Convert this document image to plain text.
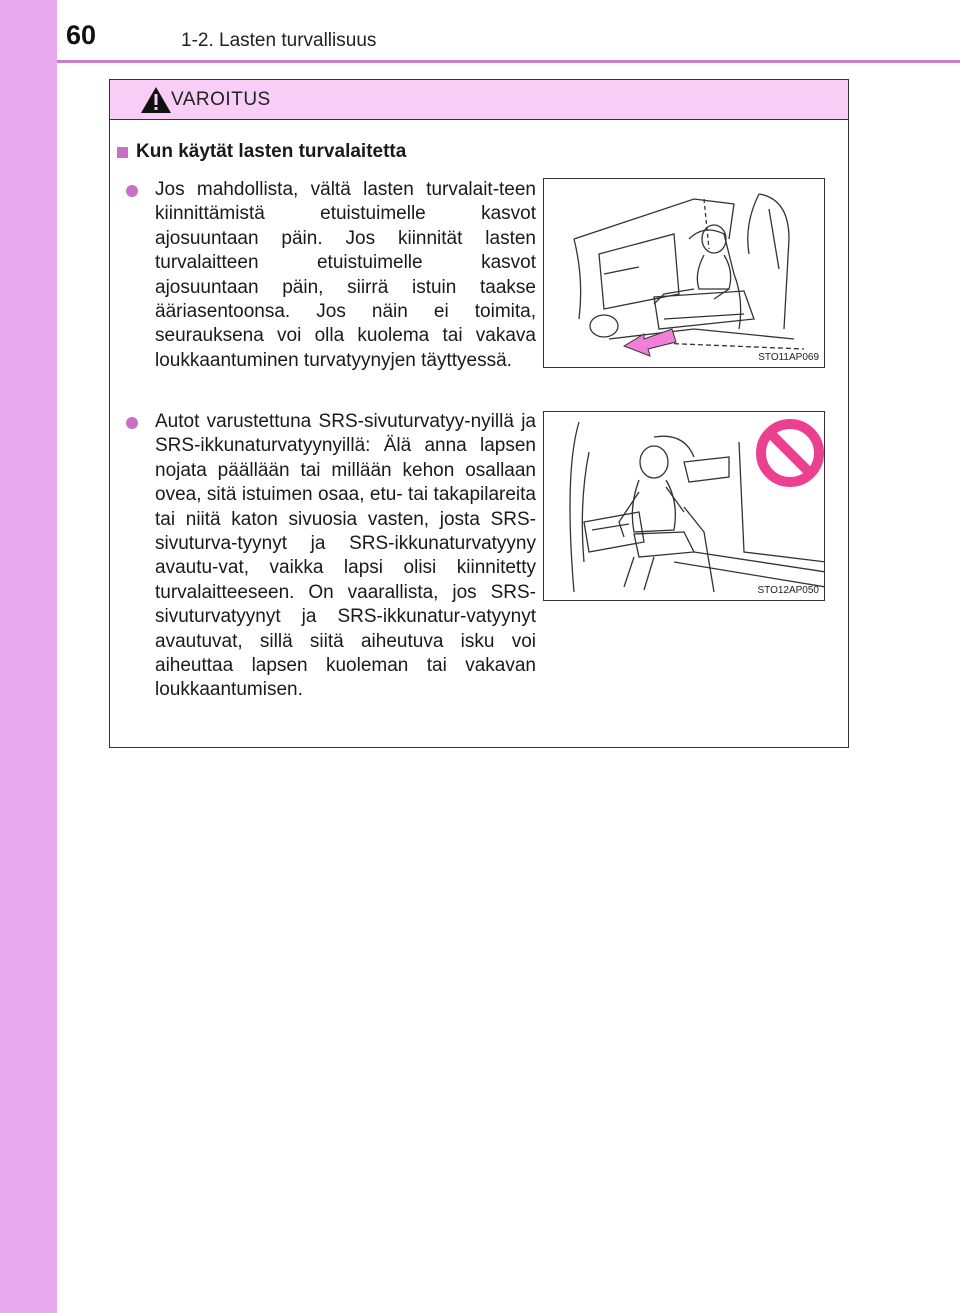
60	1-2. Lasten turvallisuus
VAROITUS
Kun käytät lasten turvalaitetta
Jos mahdollista, vältä lasten turvalait-teen kiinnittämistä etuistuimelle kasvot ajosuuntaan päin. Jos kiinnität lasten turvalaitteen etuistuimelle kasvot ajosuuntaan päin, siirrä istuin taakse ääriasentoonsa. Jos näin ei toimita, seurauksena voi olla kuolema tai vakava loukkaantuminen turvatyynyjen täyttyessä.
Autot varustettuna SRS-sivuturvatyy-nyillä ja SRS-ikkunaturvatyynyillä: Älä anna lapsen nojata päällään tai millään kehon osallaan ovea, sitä istuimen osaa, etu- tai takapilareita tai niitä katon sivuosia vasten, josta SRS-sivuturva-tyynyt ja SRS-ikkunaturvatyyny avautu-vat, vaikka lapsi olisi kiinnitetty turvalaitteeseen. On vaarallista, jos SRS-sivuturvatyynyt ja SRS-ikkunatur-vatyynyt avautuvat, sillä siitä aiheutuva isku voi aiheuttaa lapsen kuoleman tai vakavan loukkaantumisen.
STO11AP069
STO12AP050
